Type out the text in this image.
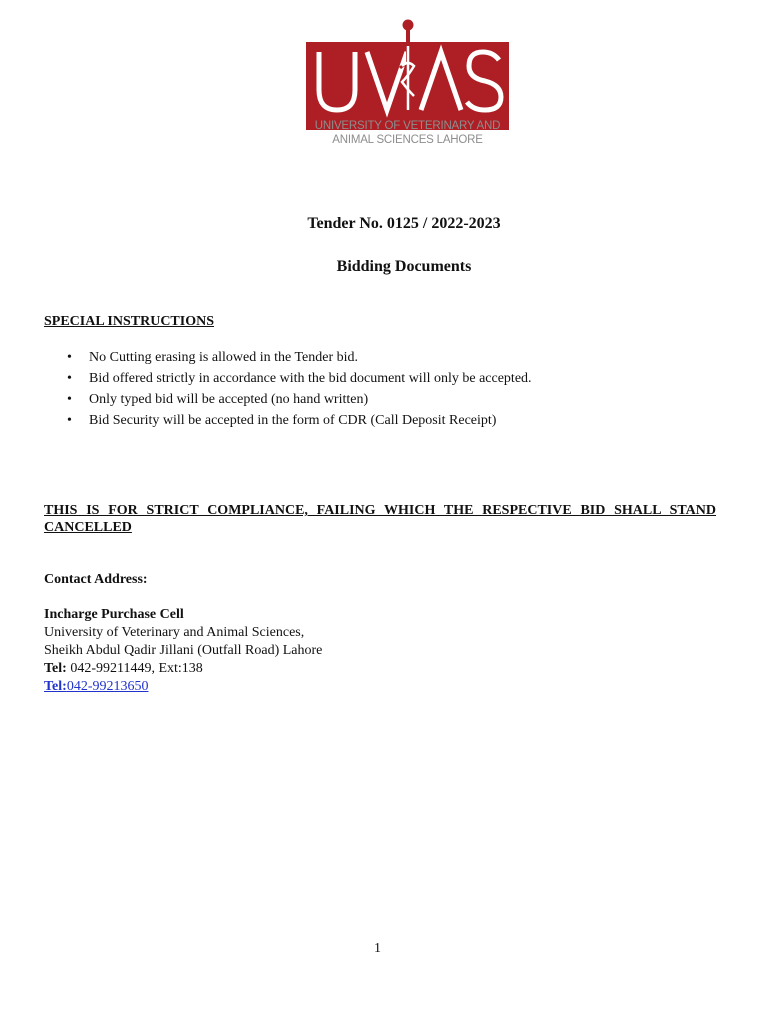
UNIVERSITY OF VETERINARY AND
ANIMAL SCIENCES LAHORE
Tender No. 0125 / 2022-2023
Bidding Documents
SPECIAL INSTRUCTIONS
• No Cutting erasing is allowed in the Tender bid.
• Bid offered strictly in accordance with the bid document will only be accepted.
• Only typed bid will be accepted (no hand written)
• Bid Security will be accepted in the form of CDR (Call Deposit Receipt)
THIS IS FOR STRICT COMPLIANCE, FAILING WHICH THE RESPECTIVE BID SHALL STAND CANCELLED
Contact Address:
Incharge Purchase Cell
University of Veterinary and Animal Sciences,
Sheikh Abdul Qadir Jillani (Outfall Road) Lahore
Tel: 042-99211449, Ext:138
Tel:042-99213650
1
